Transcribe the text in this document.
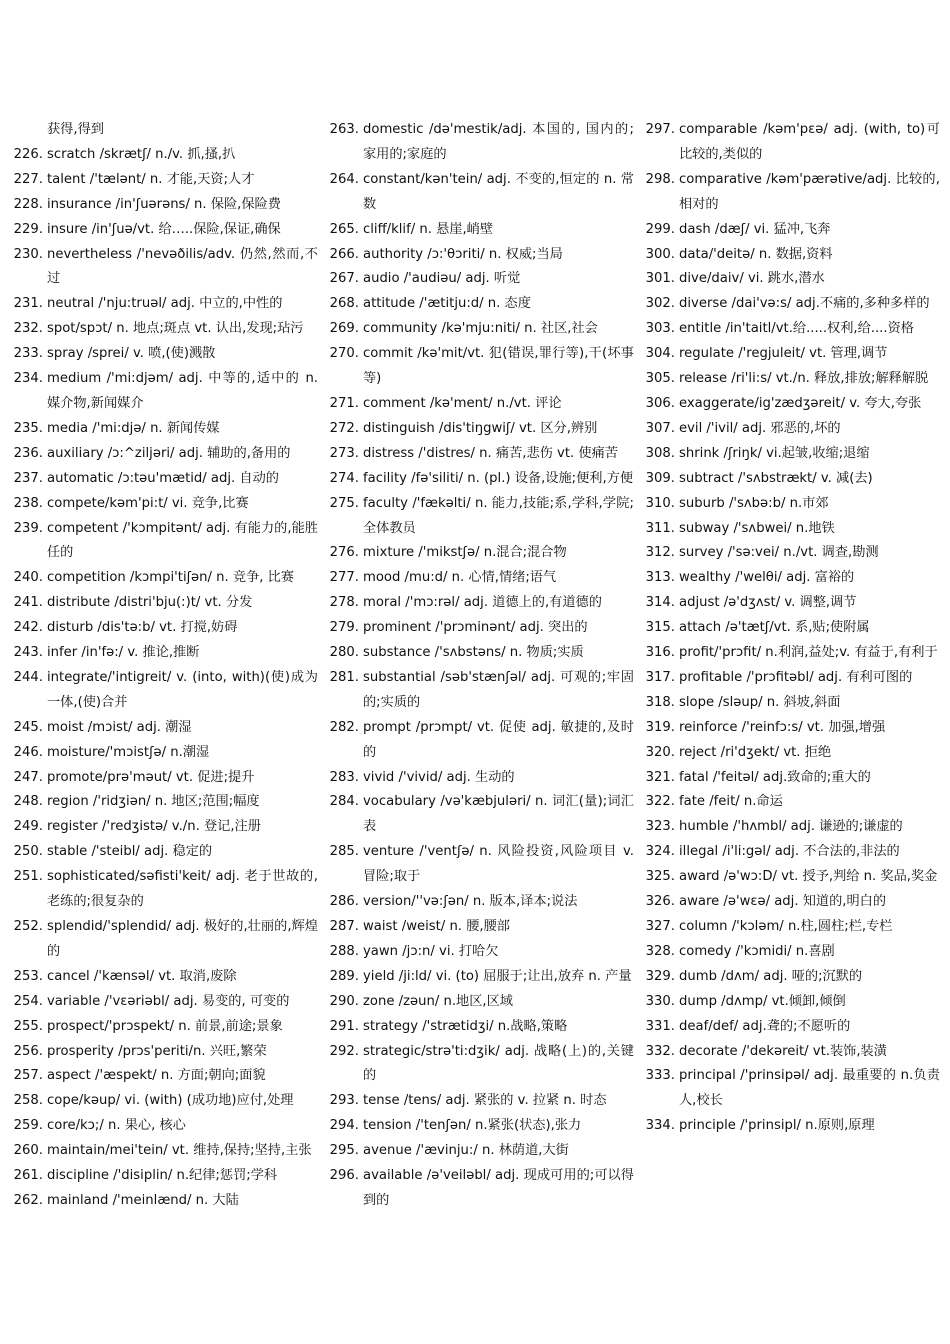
获得,得到
226. scratch /skrætʃ/ n./v. 抓,搔,扒
227. talent /'tælənt/ n. 才能,天资;人才
228. insurance /in'ʃuərəns/ n. 保险,保险费
229. insure /in'ʃuə/vt. 给…..保险,保证,确保
230. nevertheless /'nevəðilis/adv. 仍然,然而,不过
231. neutral /'nju:truəl/ adj. 中立的,中性的
232. spot/spɔt/ n. 地点;斑点 vt. 认出,发现;玷污
233. spray /sprei/ v. 喷,(使)溅散
234. medium /'mi:djəm/ adj. 中等的,适中的 n. 媒介物,新闻媒介
235. media /'mi:djə/ n. 新闻传媒
236. auxiliary /ɔ:^ziljəri/ adj. 辅助的,备用的
237. automatic /ɔ:təu'mætid/ adj. 自动的
238. compete/kəm'pi:t/ vi. 竞争,比赛
239. competent /'kɔmpitənt/ adj. 有能力的,能胜任的
240. competition /kɔmpi'tiʃən/ n. 竞争, 比赛
241. distribute /distri'bju(:)t/ vt. 分发
242. disturb /dis'tə:b/ vt. 打搅,妨碍
243. infer /in'fə:/ v. 推论,推断
244. integrate/'intigreit/ v. (into, with)(使)成为一体,(使)合并
245. moist /mɔist/ adj. 潮湿
246. moisture/'mɔistʃə/ n.潮湿
247. promote/prə'məut/ vt. 促进;提升
248. region /'ridʒiən/ n. 地区;范围;幅度
249. register /'redʒistə/ v./n. 登记,注册
250. stable /'steibl/ adj. 稳定的
251. sophisticated/səfisti'keit/ adj. 老于世故的,老练的;很复杂的
252. splendid/'splendid/ adj. 极好的,壮丽的,辉煌的
253. cancel /'kænsəl/ vt. 取消,废除
254. variable /'vɛəriəbl/ adj. 易变的, 可变的
255. prospect/'prɔspekt/ n. 前景,前途;景象
256. prosperity /prɔs'periti/n. 兴旺,繁荣
257. aspect /'æspekt/ n. 方面;朝向;面貌
258. cope/kəup/ vi. (with) (成功地)应付,处理
259. core/kɔ;/ n. 果心, 核心
260. maintain/mei'tein/ vt. 维持,保持;坚持,主张
261. discipline /'disiplin/ n.纪律;惩罚;学科
262. mainland /'meinlænd/ n. 大陆
263. domestic /də'mestik/adj. 本国的, 国内的;家用的;家庭的
264. constant/kən'tein/ adj. 不变的,恒定的 n. 常数
265. cliff/klif/ n. 悬崖,峭壁
266. authority /ɔ:'θɔriti/ n. 权威;当局
267. audio /'audiəu/ adj. 听觉
268. attitude /'ætitju:d/ n. 态度
269. community /kə'mju:niti/ n. 社区,社会
270. commit /kə'mit/vt. 犯(错误,罪行等),干(坏事等)
271. comment /kə'ment/ n./vt. 评论
272. distinguish /dis'tiŋgwiʃ/ vt. 区分,辨别
273. distress /'distres/ n. 痛苦,悲伤 vt. 使痛苦
274. facility /fə'siliti/ n. (pl.) 设备,设施;便利,方便
275. faculty /'fækəlti/ n. 能力,技能;系,学科,学院;全体教员
276. mixture /'mikstʃə/ n.混合;混合物
277. mood /mu:d/ n. 心情,情绪;语气
278. moral /'mɔ:rəl/ adj. 道德上的,有道德的
279. prominent /'prɔminənt/ adj. 突出的
280. substance /'sʌbstəns/ n. 物质;实质
281. substantial /səb'stænʃəl/ adj. 可观的;牢固的;实质的
282. prompt /prɔmpt/ vt. 促使 adj. 敏捷的,及时的
283. vivid /'vivid/ adj. 生动的
284. vocabulary /və'kæbjuləri/ n. 词汇(量);词汇表
285. venture /'ventʃə/ n. 风险投资,风险项目 v. 冒险;取于
286. version/''və:ʃən/ n. 版本,译本;说法
287. waist /weist/ n. 腰,腰部
288. yawn /jɔ:n/ vi. 打哈欠
289. yield /ji:ld/ vi. (to) 屈服于;让出,放弃 n. 产量
290. zone /zəun/ n.地区,区域
291. strategy /'strætidʒi/ n.战略,策略
292. strategic/strə'ti:dʒik/ adj. 战略(上)的,关键的
293. tense /tens/ adj. 紧张的 v. 拉紧 n. 时态
294. tension /'tenʃən/ n.紧张(状态),张力
295. avenue /'ævinju:/ n. 林荫道,大街
296. available /ə'veiləbl/ adj. 现成可用的;可以得到的
297. comparable /kəm'pɛə/ adj. (with, to)可比较的,类似的
298. comparative /kəm'pærətive/adj. 比较的,相对的
299. dash /dæʃ/ vi. 猛冲,飞奔
300. data/'deitə/ n. 数据,资料
301. dive/daiv/ vi. 跳水,潜水
302. diverse /dai'və:s/ adj.不痛的,多种多样的
303. entitle /in'taitl/vt.给.....权利,给....资格
304. regulate /'regjuleit/ vt. 管理,调节
305. release /ri'li:s/ vt./n. 释放,排放;解释解脱
306. exaggerate/ig'zædʒəreit/ v. 夸大,夸张
307. evil /'ivil/ adj. 邪恶的,坏的
308. shrink /ʃriŋk/ vi.起皱,收缩;退缩
309. subtract /'sʌbstrækt/ v. 减(去)
310. suburb /'sʌbə:b/ n.市郊
311. subway /'sʌbwei/ n.地铁
312. survey /'sə:vei/ n./vt. 调查,勘测
313. wealthy /'welθi/ adj. 富裕的
314. adjust /ə'dʒʌst/ v. 调整,调节
315. attach /ə'tætʃ/vt. 系,贴;使附属
316. profit/'prɔfit/ n.利润,益处;v. 有益于,有利于
317. profitable /'prɔfitəbl/ adj. 有利可图的
318. slope /sləup/ n. 斜坡,斜面
319. reinforce /'reinfɔ:s/ vt. 加强,增强
320. reject /ri'dʒekt/ vt. 拒绝
321. fatal /'feitəl/ adj.致命的;重大的
322. fate /feit/ n.命运
323. humble /'hʌmbl/ adj. 谦逊的;谦虚的
324. illegal /i'li:gəl/ adj. 不合法的,非法的
325. award /ə'wɔ:D/ vt. 授予,判给 n. 奖品,奖金
326. aware /ə'wɛə/ adj. 知道的,明白的
327. column /'kɔləm/ n.柱,圆柱;栏,专栏
328. comedy /'kɔmidi/ n.喜剧
329. dumb /dʌm/ adj. 哑的;沉默的
330. dump /dʌmp/ vt.倾卸,倾倒
331. deaf/def/ adj.聋的;不愿听的
332. decorate /'dekəreit/ vt.装饰,装潢
333. principal /'prinsipəl/ adj. 最重要的 n.负责人,校长
334. principle /'prinsipl/ n.原则,原理
